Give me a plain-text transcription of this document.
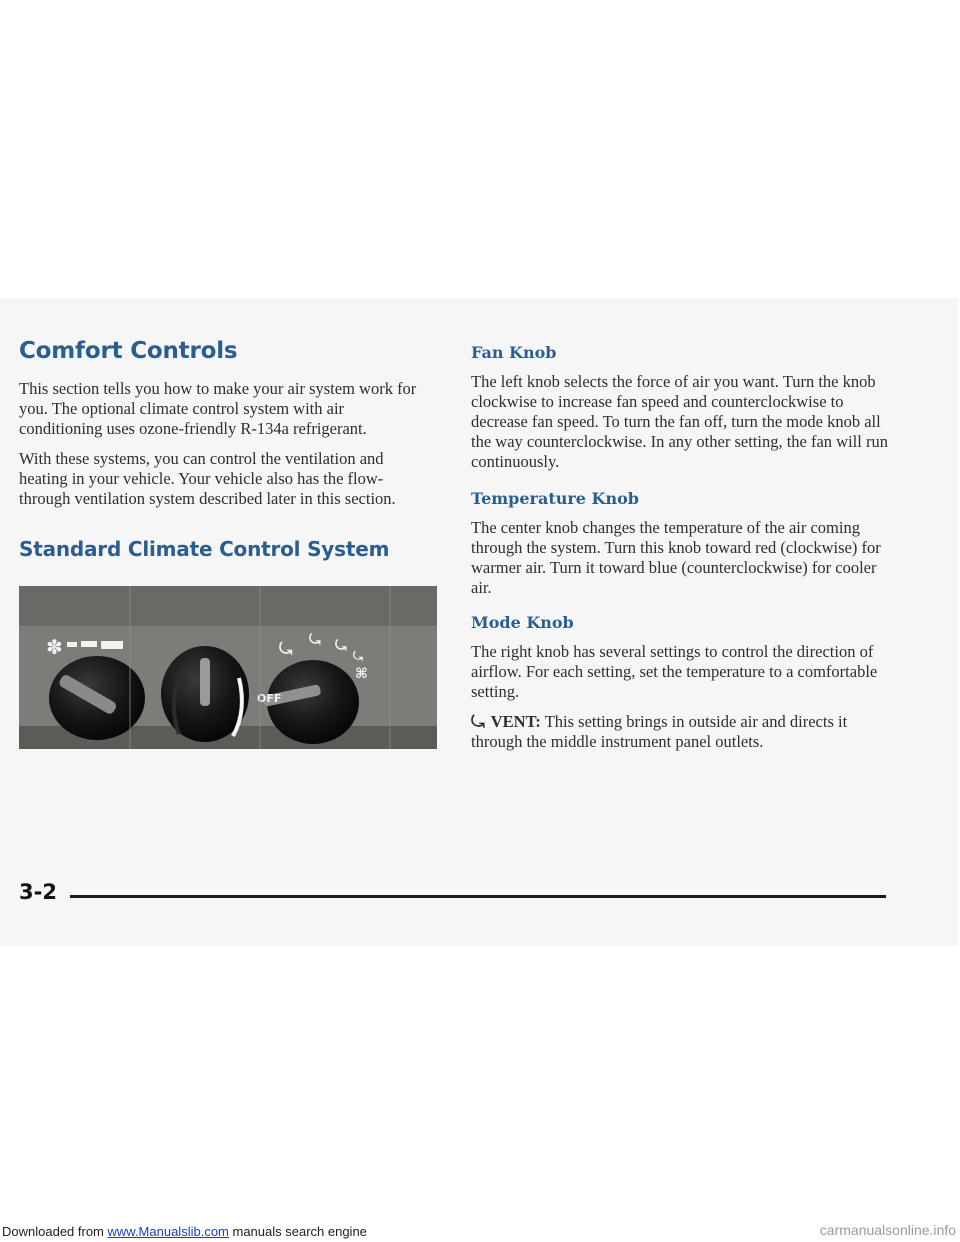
Comfort Controls

This section tells you how to make your air system work for you. The optional climate control system with air conditioning uses ozone-friendly R-134a refrigerant.

With these systems, you can control the ventilation and heating in your vehicle. Your vehicle also has the flow-through ventilation system described later in this section.

Standard Climate Control System
✽
OFF
⤿ ⤿ ⤿
⤿
⌘
Fan Knob

The left knob selects the force of air you want. Turn the knob clockwise to increase fan speed and counterclockwise to decrease fan speed. To turn the fan off, turn the mode knob all the way counterclockwise. In any other setting, the fan will run continuously.

Temperature Knob

The center knob changes the temperature of the air coming through the system. Turn this knob toward red (clockwise) for warmer air. Turn it toward blue (counterclockwise) for cooler air.

Mode Knob

The right knob has several settings to control the direction of airflow. For each setting, set the temperature to a comfortable setting.

⤿ VENT: This setting brings in outside air and directs it through the middle instrument panel outlets.

3-2
Downloaded from www.Manualslib.com manuals search engine	carmanualsonline.info
